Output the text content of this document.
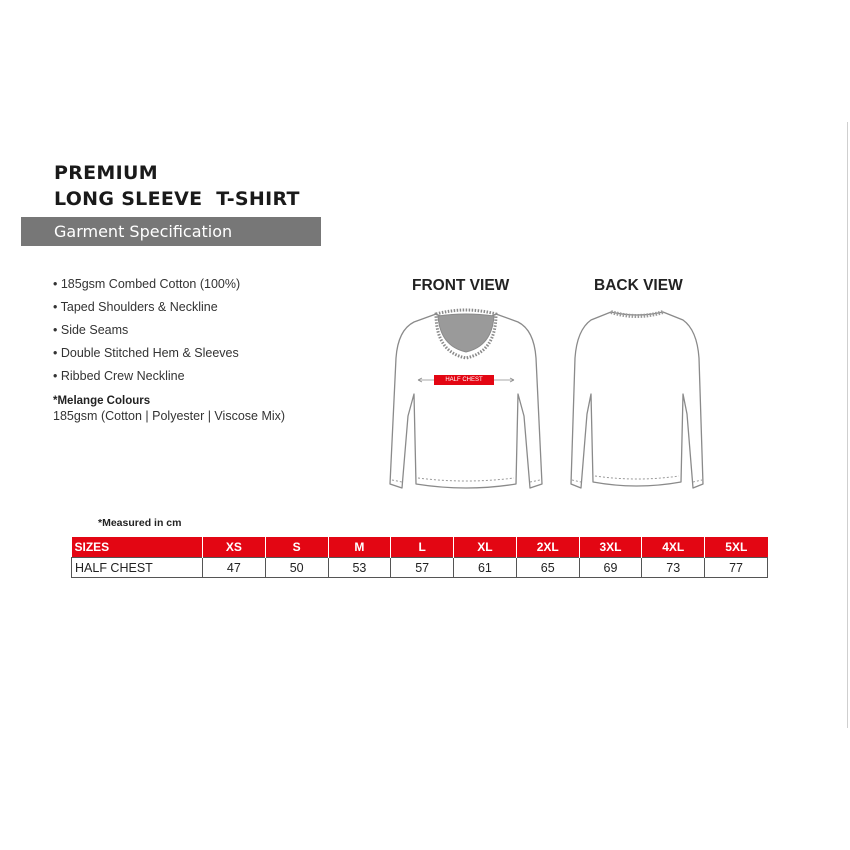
PREMIUM
LONG SLEEVE  T-SHIRT
Garment Specification
• 185gsm Combed Cotton (100%)
• Taped Shoulders & Neckline
• Side Seams
• Double Stitched Hem & Sleeves
• Ribbed Crew Neckline
*Melange Colours
185gsm (Cotton | Polyester | Viscose Mix)
FRONT VIEW	BACK VIEW
HALF CHEST
*Measured in cm
SIZES	XS	S	M	L	XL	2XL	3XL	4XL	5XL
HALF CHEST	47	50	53	57	61	65	69	73	77
